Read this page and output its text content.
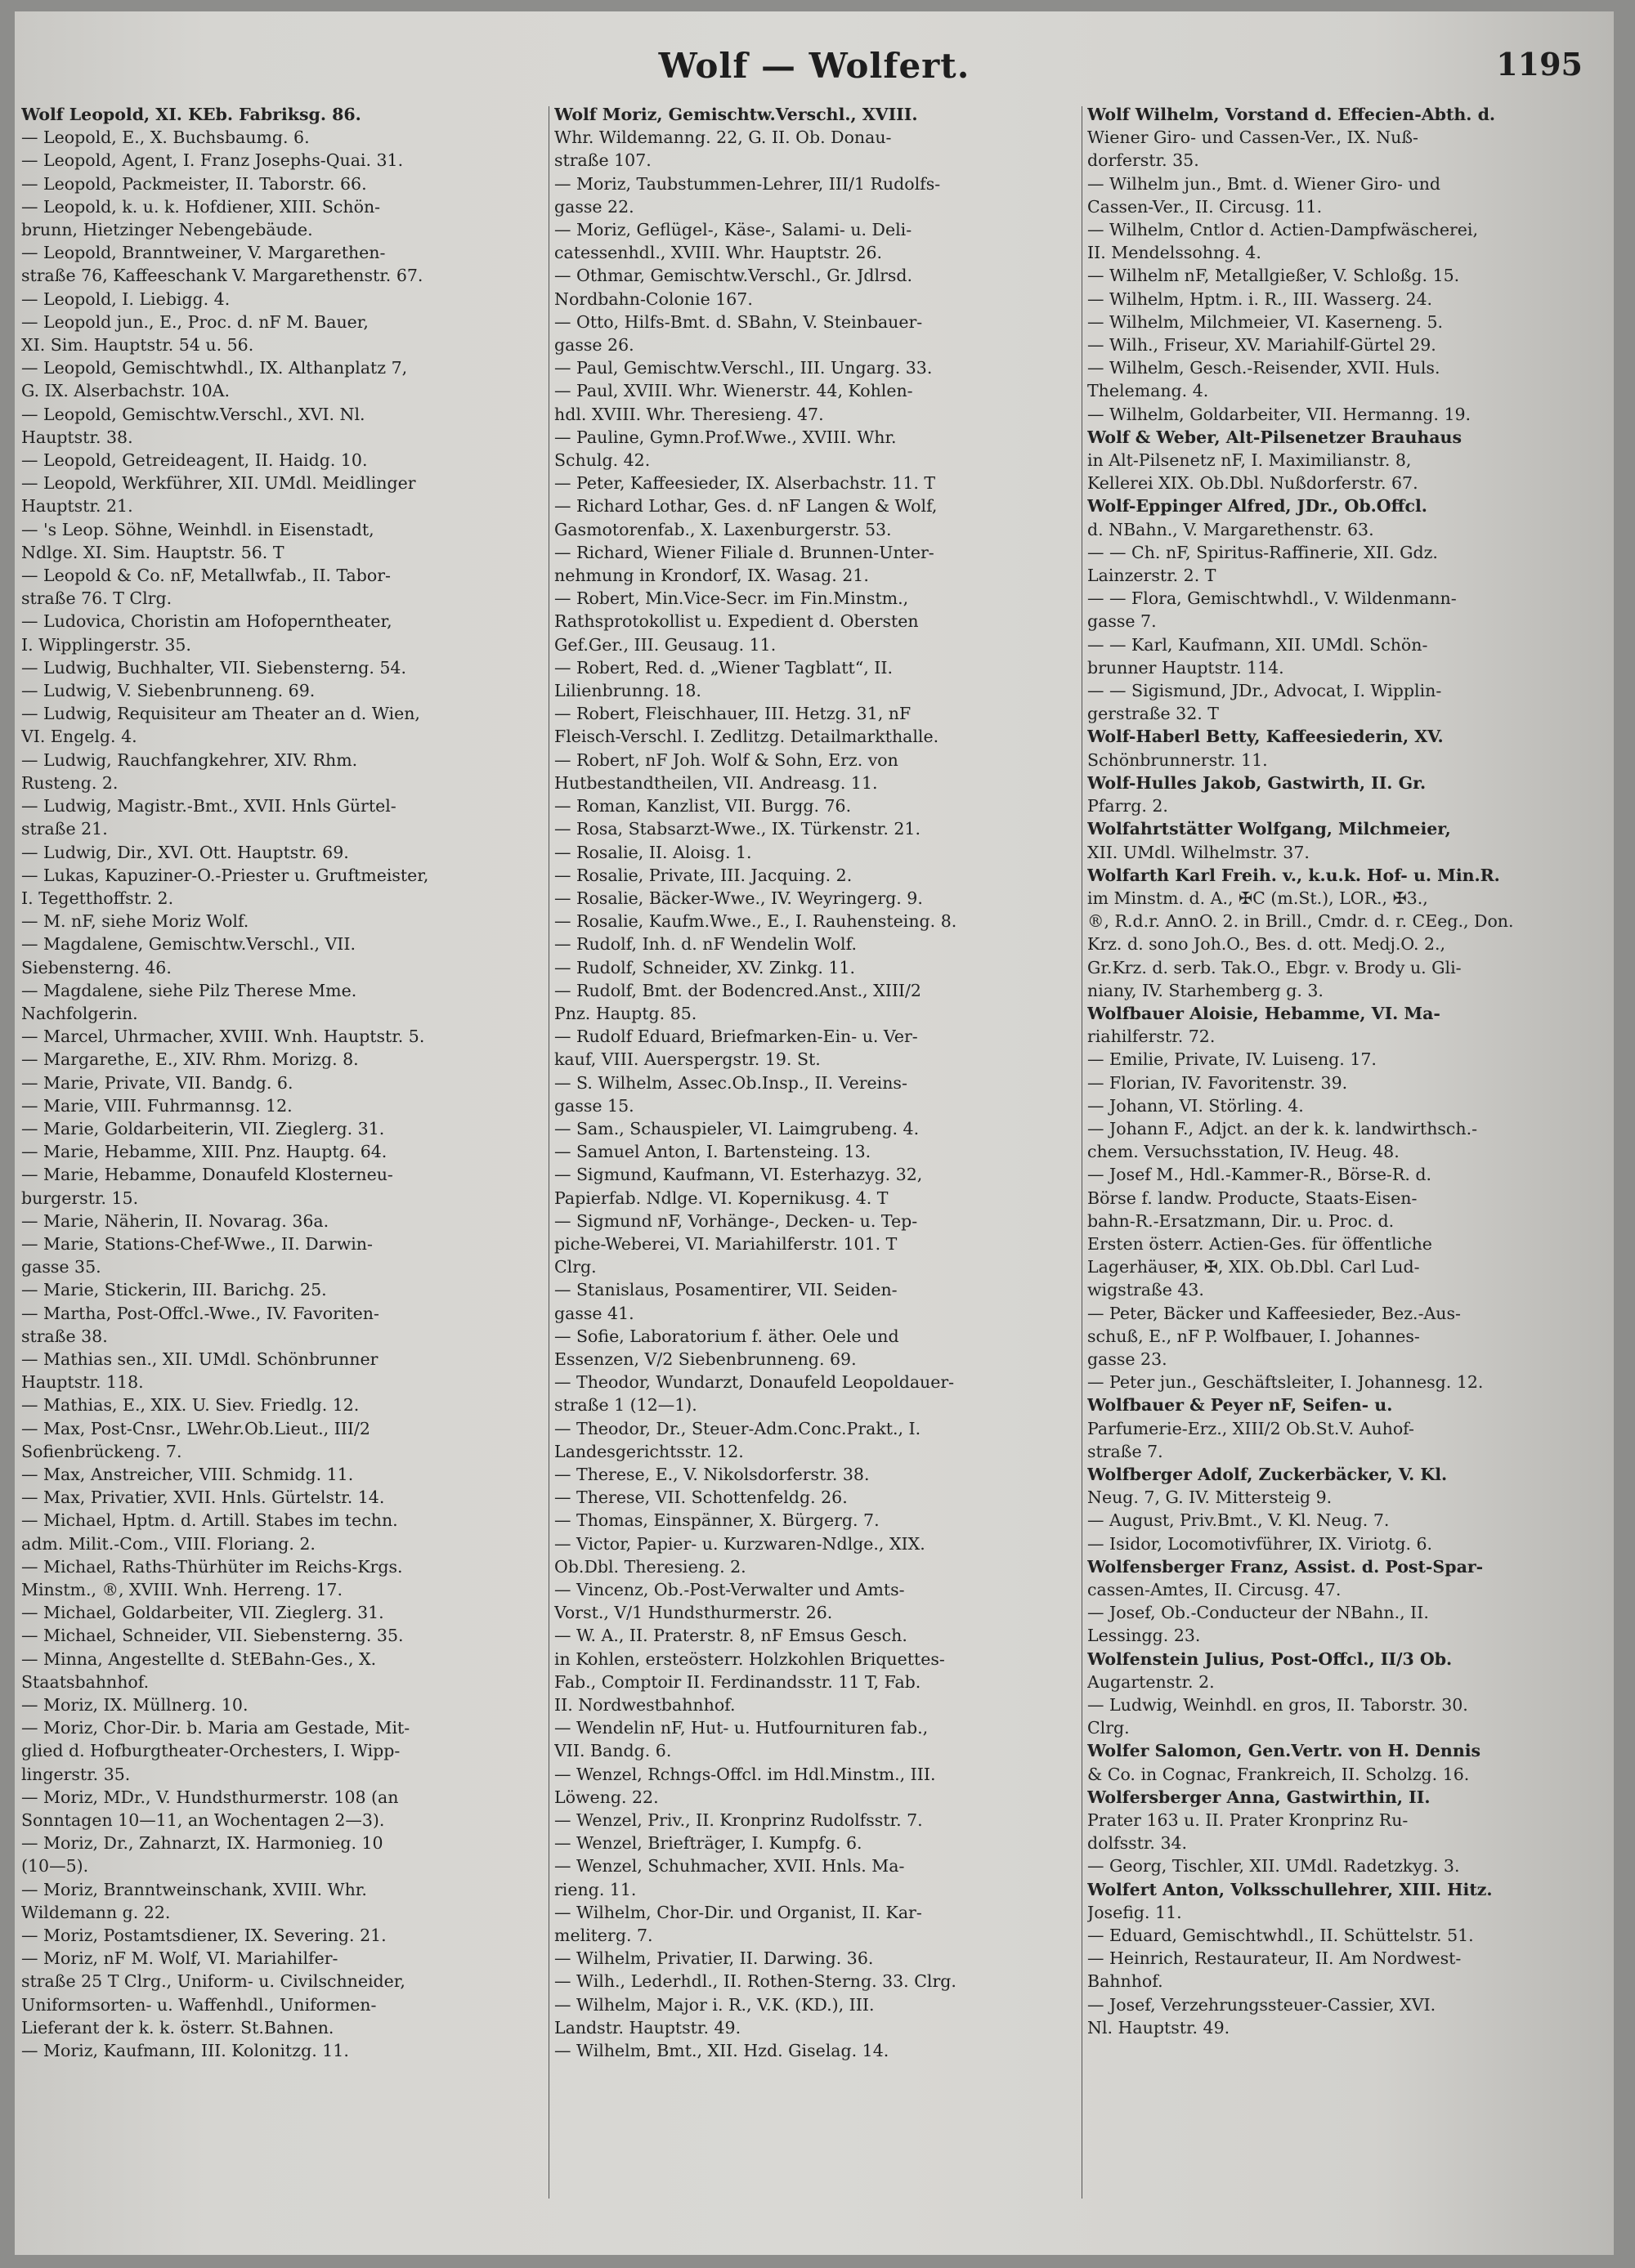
Wolf — Wolfert.	1195
Wolf Leopold, XI. KEb. Fabriksg. 86.
— Leopold, E., X. Buchsbaumg. 6.
— Leopold, Agent, I. Franz Josephs-Quai. 31.
— Leopold, Packmeister, II. Taborstr. 66.
— Leopold, k. u. k. Hofdiener, XIII. Schön-
brunn, Hietzinger Nebengebäude.
— Leopold, Branntweiner, V. Margarethen-
straße 76, Kaffeeschank V. Margarethenstr. 67.
— Leopold, I. Liebigg. 4.
— Leopold jun., E., Proc. d. nF M. Bauer,
XI. Sim. Hauptstr. 54 u. 56.
— Leopold, Gemischtwhdl., IX. Althanplatz 7,
G. IX. Alserbachstr. 10A.
— Leopold, Gemischtw.Verschl., XVI. Nl.
Hauptstr. 38.
— Leopold, Getreideagent, II. Haidg. 10.
— Leopold, Werkführer, XII. UMdl. Meidlinger
Hauptstr. 21.
— 's Leop. Söhne, Weinhdl. in Eisenstadt,
Ndlge. XI. Sim. Hauptstr. 56. T
— Leopold & Co. nF, Metallwfab., II. Tabor-
straße 76. T Clrg.
— Ludovica, Choristin am Hofoperntheater,
I. Wipplingerstr. 35.
— Ludwig, Buchhalter, VII. Siebensterng. 54.
— Ludwig, V. Siebenbrunneng. 69.
— Ludwig, Requisiteur am Theater an d. Wien,
VI. Engelg. 4.
— Ludwig, Rauchfangkehrer, XIV. Rhm.
Rusteng. 2.
— Ludwig, Magistr.-Bmt., XVII. Hnls Gürtel-
straße 21.
— Ludwig, Dir., XVI. Ott. Hauptstr. 69.
— Lukas, Kapuziner-O.-Priester u. Gruftmeister,
I. Tegetthoffstr. 2.
— M. nF, siehe Moriz Wolf.
— Magdalene, Gemischtw.Verschl., VII.
Siebensterng. 46.
— Magdalene, siehe Pilz Therese Mme.
Nachfolgerin.
— Marcel, Uhrmacher, XVIII. Wnh. Hauptstr. 5.
— Margarethe, E., XIV. Rhm. Morizg. 8.
— Marie, Private, VII. Bandg. 6.
— Marie, VIII. Fuhrmannsg. 12.
— Marie, Goldarbeiterin, VII. Zieglerg. 31.
— Marie, Hebamme, XIII. Pnz. Hauptg. 64.
— Marie, Hebamme, Donaufeld Klosterneu-
burgerstr. 15.
— Marie, Näherin, II. Novarag. 36a.
— Marie, Stations-Chef-Wwe., II. Darwin-
gasse 35.
— Marie, Stickerin, III. Barichg. 25.
— Martha, Post-Offcl.-Wwe., IV. Favoriten-
straße 38.
— Mathias sen., XII. UMdl. Schönbrunner
Hauptstr. 118.
— Mathias, E., XIX. U. Siev. Friedlg. 12.
— Max, Post-Cnsr., LWehr.Ob.Lieut., III/2
Sofienbrückeng. 7.
— Max, Anstreicher, VIII. Schmidg. 11.
— Max, Privatier, XVII. Hnls. Gürtelstr. 14.
— Michael, Hptm. d. Artill. Stabes im techn.
adm. Milit.-Com., VIII. Floriang. 2.
— Michael, Raths-Thürhüter im Reichs-Krgs.
Minstm., ®, XVIII. Wnh. Herreng. 17.
— Michael, Goldarbeiter, VII. Zieglerg. 31.
— Michael, Schneider, VII. Siebensterng. 35.
— Minna, Angestellte d. StEBahn-Ges., X.
Staatsbahnhof.
— Moriz, IX. Müllnerg. 10.
— Moriz, Chor-Dir. b. Maria am Gestade, Mit-
glied d. Hofburgtheater-Orchesters, I. Wipp-
lingerstr. 35.
— Moriz, MDr., V. Hundsthurmerstr. 108 (an
Sonntagen 10—11, an Wochentagen 2—3).
— Moriz, Dr., Zahnarzt, IX. Harmonieg. 10
(10—5).
— Moriz, Branntweinschank, XVIII. Whr.
Wildemann g. 22.
— Moriz, Postamtsdiener, IX. Severing. 21.
— Moriz, nF M. Wolf, VI. Mariahilfer-
straße 25 T Clrg., Uniform- u. Civilschneider,
Uniformsorten- u. Waffenhdl., Uniformen-
Lieferant der k. k. österr. St.Bahnen.
— Moriz, Kaufmann, III. Kolonitzg. 11.
Wolf Moriz, Gemischtw.Verschl., XVIII.
Whr. Wildemanng. 22, G. II. Ob. Donau-
straße 107.
— Moriz, Taubstummen-Lehrer, III/1 Rudolfs-
gasse 22.
— Moriz, Geflügel-, Käse-, Salami- u. Deli-
catessenhdl., XVIII. Whr. Hauptstr. 26.
— Othmar, Gemischtw.Verschl., Gr. Jdlrsd.
Nordbahn-Colonie 167.
— Otto, Hilfs-Bmt. d. SBahn, V. Steinbauer-
gasse 26.
— Paul, Gemischtw.Verschl., III. Ungarg. 33.
— Paul, XVIII. Whr. Wienerstr. 44, Kohlen-
hdl. XVIII. Whr. Theresieng. 47.
— Pauline, Gymn.Prof.Wwe., XVIII. Whr.
Schulg. 42.
— Peter, Kaffeesieder, IX. Alserbachstr. 11. T
— Richard Lothar, Ges. d. nF Langen & Wolf,
Gasmotorenfab., X. Laxenburgerstr. 53.
— Richard, Wiener Filiale d. Brunnen-Unter-
nehmung in Krondorf, IX. Wasag. 21.
— Robert, Min.Vice-Secr. im Fin.Minstm.,
Rathsprotokollist u. Expedient d. Obersten
Gef.Ger., III. Geusaug. 11.
— Robert, Red. d. „Wiener Tagblatt“, II.
Lilienbrunng. 18.
— Robert, Fleischhauer, III. Hetzg. 31, nF
Fleisch-Verschl. I. Zedlitzg. Detailmarkthalle.
— Robert, nF Joh. Wolf & Sohn, Erz. von
Hutbestandtheilen, VII. Andreasg. 11.
— Roman, Kanzlist, VII. Burgg. 76.
— Rosa, Stabsarzt-Wwe., IX. Türkenstr. 21.
— Rosalie, II. Aloisg. 1.
— Rosalie, Private, III. Jacquing. 2.
— Rosalie, Bäcker-Wwe., IV. Weyringerg. 9.
— Rosalie, Kaufm.Wwe., E., I. Rauhensteing. 8.
— Rudolf, Inh. d. nF Wendelin Wolf.
— Rudolf, Schneider, XV. Zinkg. 11.
— Rudolf, Bmt. der Bodencred.Anst., XIII/2
Pnz. Hauptg. 85.
— Rudolf Eduard, Briefmarken-Ein- u. Ver-
kauf, VIII. Auerspergstr. 19. St.
— S. Wilhelm, Assec.Ob.Insp., II. Vereins-
gasse 15.
— Sam., Schauspieler, VI. Laimgrubeng. 4.
— Samuel Anton, I. Bartensteing. 13.
— Sigmund, Kaufmann, VI. Esterhazyg. 32,
Papierfab. Ndlge. VI. Kopernikusg. 4. T
— Sigmund nF, Vorhänge-, Decken- u. Tep-
piche-Weberei, VI. Mariahilferstr. 101. T
Clrg.
— Stanislaus, Posamentirer, VII. Seiden-
gasse 41.
— Sofie, Laboratorium f. äther. Oele und
Essenzen, V/2 Siebenbrunneng. 69.
— Theodor, Wundarzt, Donaufeld Leopoldauer-
straße 1 (12—1).
— Theodor, Dr., Steuer-Adm.Conc.Prakt., I.
Landesgerichtsstr. 12.
— Therese, E., V. Nikolsdorferstr. 38.
— Therese, VII. Schottenfeldg. 26.
— Thomas, Einspänner, X. Bürgerg. 7.
— Victor, Papier- u. Kurzwaren-Ndlge., XIX.
Ob.Dbl. Theresieng. 2.
— Vincenz, Ob.-Post-Verwalter und Amts-
Vorst., V/1 Hundsthurmerstr. 26.
— W. A., II. Praterstr. 8, nF Emsus Gesch.
in Kohlen, ersteösterr. Holzkohlen Briquettes-
Fab., Comptoir II. Ferdinandsstr. 11 T, Fab.
II. Nordwestbahnhof.
— Wendelin nF, Hut- u. Hutfournituren fab.,
VII. Bandg. 6.
— Wenzel, Rchngs-Offcl. im Hdl.Minstm., III.
Löweng. 22.
— Wenzel, Priv., II. Kronprinz Rudolfsstr. 7.
— Wenzel, Briefträger, I. Kumpfg. 6.
— Wenzel, Schuhmacher, XVII. Hnls. Ma-
rieng. 11.
— Wilhelm, Chor-Dir. und Organist, II. Kar-
meliterg. 7.
— Wilhelm, Privatier, II. Darwing. 36.
— Wilh., Lederhdl., II. Rothen-Sterng. 33. Clrg.
— Wilhelm, Major i. R., V.K. (KD.), III.
Landstr. Hauptstr. 49.
— Wilhelm, Bmt., XII. Hzd. Giselag. 14.
Wolf Wilhelm, Vorstand d. Effecien-Abth. d.
Wiener Giro- und Cassen-Ver., IX. Nuß-
dorferstr. 35.
— Wilhelm jun., Bmt. d. Wiener Giro- und
Cassen-Ver., II. Circusg. 11.
— Wilhelm, Cntlor d. Actien-Dampfwäscherei,
II. Mendelssohng. 4.
— Wilhelm nF, Metallgießer, V. Schloßg. 15.
— Wilhelm, Hptm. i. R., III. Wasserg. 24.
— Wilhelm, Milchmeier, VI. Kaserneng. 5.
— Wilh., Friseur, XV. Mariahilf-Gürtel 29.
— Wilhelm, Gesch.-Reisender, XVII. Huls.
Thelemang. 4.
— Wilhelm, Goldarbeiter, VII. Hermanng. 19.
Wolf & Weber, Alt-Pilsenetzer Brauhaus
in Alt-Pilsenetz nF, I. Maximilianstr. 8,
Kellerei XIX. Ob.Dbl. Nußdorferstr. 67.
Wolf-Eppinger Alfred, JDr., Ob.Offcl.
d. NBahn., V. Margarethenstr. 63.
— — Ch. nF, Spiritus-Raffinerie, XII. Gdz.
Lainzerstr. 2. T
— — Flora, Gemischtwhdl., V. Wildenmann-
gasse 7.
— — Karl, Kaufmann, XII. UMdl. Schön-
brunner Hauptstr. 114.
— — Sigismund, JDr., Advocat, I. Wipplin-
gerstraße 32. T
Wolf-Haberl Betty, Kaffeesiederin, XV.
Schönbrunnerstr. 11.
Wolf-Hulles Jakob, Gastwirth, II. Gr.
Pfarrg. 2.
Wolfahrtstätter Wolfgang, Milchmeier,
XII. UMdl. Wilhelmstr. 37.
Wolfarth Karl Freih. v., k.u.k. Hof- u. Min.R.
im Minstm. d. A., ✠C (m.St.), LOR., ✠3.,
®, R.d.r. AnnO. 2. in Brill., Cmdr. d. r. CEeg., Don.
Krz. d. sono Joh.O., Bes. d. ott. Medj.O. 2.,
Gr.Krz. d. serb. Tak.O., Ebgr. v. Brody u. Gli-
niany, IV. Starhemberg g. 3.
Wolfbauer Aloisie, Hebamme, VI. Ma-
riahilferstr. 72.
— Emilie, Private, IV. Luiseng. 17.
— Florian, IV. Favoritenstr. 39.
— Johann, VI. Störling. 4.
— Johann F., Adjct. an der k. k. landwirthsch.-
chem. Versuchsstation, IV. Heug. 48.
— Josef M., Hdl.-Kammer-R., Börse-R. d.
Börse f. landw. Producte, Staats-Eisen-
bahn-R.-Ersatzmann, Dir. u. Proc. d.
Ersten österr. Actien-Ges. für öffentliche
Lagerhäuser, ✠, XIX. Ob.Dbl. Carl Lud-
wigstraße 43.
— Peter, Bäcker und Kaffeesieder, Bez.-Aus-
schuß, E., nF P. Wolfbauer, I. Johannes-
gasse 23.
— Peter jun., Geschäftsleiter, I. Johannesg. 12.
Wolfbauer & Peyer nF, Seifen- u.
Parfumerie-Erz., XIII/2 Ob.St.V. Auhof-
straße 7.
Wolfberger Adolf, Zuckerbäcker, V. Kl.
Neug. 7, G. IV. Mittersteig 9.
— August, Priv.Bmt., V. Kl. Neug. 7.
— Isidor, Locomotivführer, IX. Viriotg. 6.
Wolfensberger Franz, Assist. d. Post-Spar-
cassen-Amtes, II. Circusg. 47.
— Josef, Ob.-Conducteur der NBahn., II.
Lessingg. 23.
Wolfenstein Julius, Post-Offcl., II/3 Ob.
Augartenstr. 2.
— Ludwig, Weinhdl. en gros, II. Taborstr. 30.
Clrg.
Wolfer Salomon, Gen.Vertr. von H. Dennis
& Co. in Cognac, Frankreich, II. Scholzg. 16.
Wolfersberger Anna, Gastwirthin, II.
Prater 163 u. II. Prater Kronprinz Ru-
dolfsstr. 34.
— Georg, Tischler, XII. UMdl. Radetzkyg. 3.
Wolfert Anton, Volksschullehrer, XIII. Hitz.
Josefig. 11.
— Eduard, Gemischtwhdl., II. Schüttelstr. 51.
— Heinrich, Restaurateur, II. Am Nordwest-
Bahnhof.
— Josef, Verzehrungssteuer-Cassier, XVI.
Nl. Hauptstr. 49.
